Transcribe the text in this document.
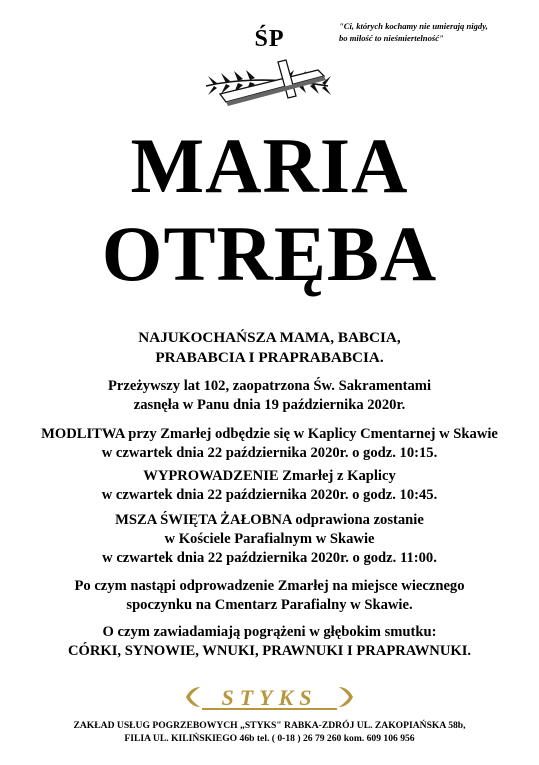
ŚP	"Ci, których kochamy nie umierają nigdy,
bo miłość to nieśmiertelność"
MARIA
OTRĘBA
NAJUKOCHAŃSZA MAMA, BABCIA,
PRABABCIA I PRAPRABABCIA.
Przeżywszy lat 102, zaopatrzona Św. Sakramentami
zasnęła w Panu dnia 19 października 2020r.
MODLITWA przy Zmarłej odbędzie się w Kaplicy Cmentarnej w Skawie
w czwartek dnia 22 października 2020r. o godz. 10:15.
WYPROWADZENIE Zmarłej z Kaplicy
w czwartek dnia 22 października 2020r. o godz. 10:45.
MSZA ŚWIĘTA ŻAŁOBNA odprawiona zostanie
w Kościele Parafialnym w Skawie
w czwartek dnia 22 października 2020r. o godz. 11:00.
Po czym nastąpi odprowadzenie Zmarłej na miejsce wiecznego
spoczynku na Cmentarz Parafialny w Skawie.
O czym zawiadamiają pogrążeni w głębokim smutku:
CÓRKI, SYNOWIE, WNUKI, PRAWNUKI I PRAPRAWNUKI.
STYKS
ZAKŁAD USŁUG POGRZEBOWYCH „STYKS" RABKA-ZDRÓJ UL. ZAKOPIAŃSKA 58b,
FILIA UL. KILIŃSKIEGO 46b tel. ( 0-18 ) 26 79 260 kom. 609 106 956
